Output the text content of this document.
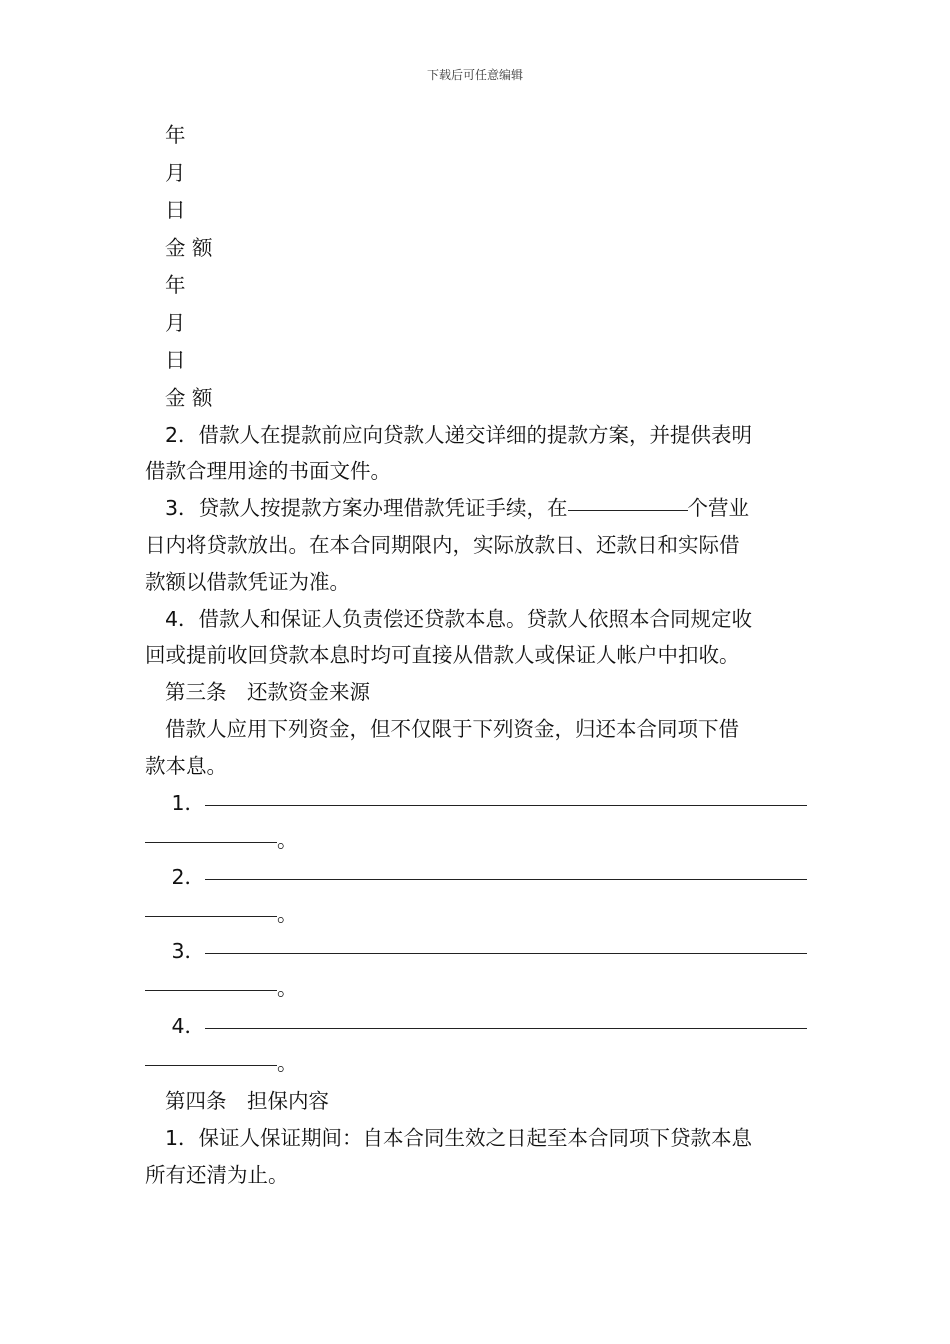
下载后可任意编辑
年
月
日
金 额
年
月
日
金 额
2．借款人在提款前应向贷款人递交详细的提款方案，并提供表明
借款合理用途的书面文件。
3．贷款人按提款方案办理借款凭证手续，在	个营业
日内将贷款放出。在本合同期限内，实际放款日、还款日和实际借
款额以借款凭证为准。
4．借款人和保证人负责偿还贷款本息。贷款人依照本合同规定收
回或提前收回贷款本息时均可直接从借款人或保证人帐户中扣收。
第三条　还款资金来源
借款人应用下列资金，但不仅限于下列资金，归还本合同项下借
款本息。
1．
。
2．
。
3．
。
4．
。
第四条　担保内容
1．保证人保证期间：自本合同生效之日起至本合同项下贷款本息
所有还清为止。
